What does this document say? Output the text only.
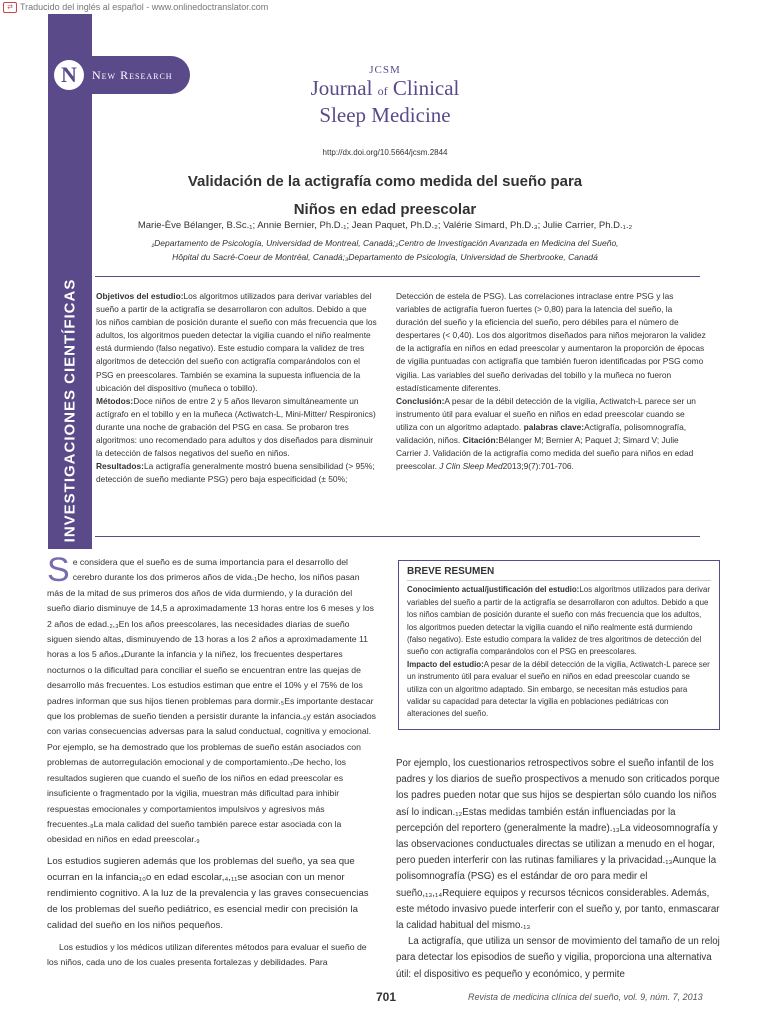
⇄ Traducido del inglés al español - www.onlinedoctranslator.com
INVESTIGACIONES CIENTÍFICAS
N	New Research	JCSM
Journal of Clinical
Sleep Medicine
http://dx.doi.org/10.5664/jcsm.2844
Validación de la actigrafía como medida del sueño para
Niños en edad preescolar
Marie-Ève Bélanger, B.Sc.₁; Annie Bernier, Ph.D.₁; Jean Paquet, Ph.D.₂; Valérie Simard, Ph.D.₃; Julie Carrier, Ph.D.₁.₂
₁Departamento de Psicología, Universidad de Montreal, Canadá;₂Centro de Investigación Avanzada en Medicina del Sueño,
Hôpital du Sacré-Coeur de Montréal, Canadá;₃Departamento de Psicología, Universidad de Sherbrooke, Canadá
Objetivos del estudio:Los algoritmos utilizados para derivar variables del sueño a partir de la actigrafía se desarrollaron con adultos. Debido a que los niños cambian de posición durante el sueño con más frecuencia que los adultos, los algoritmos pueden detectar la vigilia cuando el niño realmente está durmiendo (falso negativo). Este estudio compara la validez de tres algoritmos de detección del sueño con actigrafía comparándolos con el PSG en preescolares. También se examina la supuesta influencia de la ubicación del dispositivo (muñeca o tobillo).
Métodos:Doce niños de entre 2 y 5 años llevaron simultáneamente un actígrafo en el tobillo y en la muñeca (Actiwatch-L, Mini-Mitter/ Respironics) durante una noche de grabación del PSG en casa. Se probaron tres algoritmos: uno recomendado para adultos y dos diseñados para disminuir la detección de falsos negativos del sueño en niños.
Resultados:La actigrafía generalmente mostró buena sensibilidad (> 95%; detección de sueño mediante PSG) pero baja especificidad (± 50%;
Detección de estela de PSG). Las correlaciones intraclase entre PSG y las variables de actigrafía fueron fuertes (> 0,80) para la latencia del sueño, la duración del sueño y la eficiencia del sueño, pero débiles para el número de despertares (< 0,40). Los dos algoritmos diseñados para niños mejoraron la validez de la actigrafía en niños en edad preescolar y aumentaron la proporción de épocas de vigilia puntuadas con actigrafía que también fueron identificadas por PSG como vigilia. Las variables del sueño derivadas del tobillo y la muñeca no fueron estadísticamente diferentes.
Conclusión:A pesar de la débil detección de la vigilia, Actiwatch-L parece ser un instrumento útil para evaluar el sueño en niños en edad preescolar cuando se utiliza con un algoritmo adaptado. palabras clave:Actigrafía, polisomnografía, validación, niños. Citación:Bélanger M; Bernier A; Paquet J; Simard V; Julie Carrier J. Validación de la actigrafía como medida del sueño para niños en edad preescolar. J Clin Sleep Med2013;9(7):701-706.

Se considera que el sueño es de suma importancia para el desarrollo del cerebro durante los dos primeros años de vida.₁De hecho, los niños pasan más de la mitad de sus primeros dos años de vida durmiendo, y la duración del sueño diario disminuye de 14,5 a aproximadamente 13 horas entre los 6 meses y los 2 años de edad.₂,₃En los años preescolares, las necesidades diarias de sueño siguen siendo altas, disminuyendo de 13 horas a los 2 años a aproximadamente 11 horas a los 5 años.₄Durante la infancia y la niñez, los frecuentes despertares nocturnos o la dificultad para conciliar el sueño se encuentran entre las quejas de desarrollo más frecuentes. Los estudios estiman que entre el 10% y el 75% de los padres informan que sus hijos tienen problemas para dormir.₅Es importante destacar que los problemas de sueño tienden a persistir durante la infancia.₆y están asociados con varias consecuencias adversas para la salud conductual, cognitiva y emocional. Por ejemplo, se ha demostrado que los problemas de sueño están asociados con problemas de autorregulación emocional y de comportamiento.₇De hecho, los resultados sugieren que cuando el sueño de los niños en edad preescolar es insuficiente o fragmentado por la vigilia, muestran más dificultad para inhibir respuestas emocionales y comportamientos impulsivos y agresivos más frecuentes.₈La mala calidad del sueño también parece estar asociada con la obesidad en niños en edad preescolar.₉

Los estudios sugieren además que los problemas del sueño, ya sea que ocurran en la infancia₁₀o en edad escolar,₄,₁₁se asocian con un menor rendimiento cognitivo. A la luz de la prevalencia y las graves consecuencias de los problemas del sueño pediátrico, es esencial medir con precisión la calidad del sueño en los niños pequeños.

Los estudios y los médicos utilizan diferentes métodos para evaluar el sueño de los niños, cada uno de los cuales presenta fortalezas y debilidades. Para

BREVE RESUMEN
Conocimiento actual/justificación del estudio:Los algoritmos utilizados para derivar variables del sueño a partir de la actigrafía se desarrollaron con adultos. Debido a que los niños cambian de posición durante el sueño con más frecuencia que los adultos, los algoritmos pueden detectar la vigilia cuando el niño realmente está durmiendo (falso negativo). Este estudio compara la validez de tres algoritmos de detección del sueño con actigrafía comparándolos con el PSG en preescolares.
Impacto del estudio:A pesar de la débil detección de la vigilia, Actiwatch-L parece ser un instrumento útil para evaluar el sueño en niños en edad preescolar cuando se utiliza con un algoritmo adaptado. Sin embargo, se necesitan más estudios para validar su capacidad para detectar la vigilia en poblaciones pediátricas con alteraciones del sueño.

Por ejemplo, los cuestionarios retrospectivos sobre el sueño infantil de los padres y los diarios de sueño prospectivos a menudo son criticados porque los padres pueden notar que sus hijos se despiertan sólo cuando los niños así lo indican.₁₂Estas medidas también están influenciadas por la percepción del reportero (generalmente la madre).₁₃La videosomnografía y las observaciones conductuales directas se utilizan a menudo en el hogar, pero pueden interferir con las rutinas familiares y la privacidad.₁₃Aunque la polisomnografía (PSG) es el estándar de oro para medir el sueño,₁₃,₁₄Requiere equipos y recursos técnicos considerables. Además, este método invasivo puede interferir con el sueño y, por tanto, enmascarar la calidad habitual del mismo.₁₃

La actigrafía, que utiliza un sensor de movimiento del tamaño de un reloj para detectar los episodios de sueño y vigilia, proporciona una alternativa útil: el dispositivo es pequeño y económico, y permite

701	Revista de medicina clínica del sueño, vol. 9, núm. 7, 2013
